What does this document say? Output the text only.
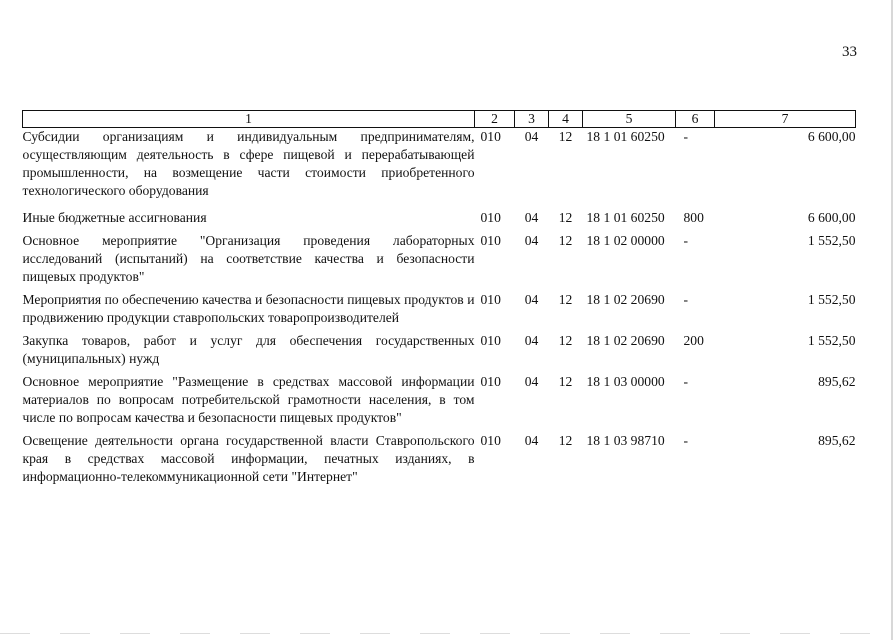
33
1	2	3	4	5	6	7
Субсидии организациям и индивидуальным предпринимателям, осуществляющим деятельность в сфере пищевой и перерабатывающей промышленности, на возмещение части стоимости приобретенного технологического оборудования	010	04	12	18 1 01 60250	-	6 600,00
Иные бюджетные ассигнования	010	04	12	18 1 01 60250	800	6 600,00
Основное мероприятие "Организация проведения лабораторных исследований (испытаний) на соответствие качества и безопасности пищевых продуктов"	010	04	12	18 1 02 00000	-	1 552,50
Мероприятия по обеспечению качества и безопасности пищевых продуктов и продвижению продукции ставропольских товаропроизводителей	010	04	12	18 1 02 20690	-	1 552,50
Закупка товаров, работ и услуг для обеспечения государственных (муниципальных) нужд	010	04	12	18 1 02 20690	200	1 552,50
Основное мероприятие "Размещение в средствах массовой информации материалов по вопросам потребительской грамотности населения, в том числе по вопросам качества и безопасности пищевых продуктов"	010	04	12	18 1 03 00000	-	895,62
Освещение деятельности органа государственной власти Ставропольского края в средствах массовой информации, печатных изданиях, в информационно-телекоммуникационной сети "Интернет"	010	04	12	18 1 03 98710	-	895,62
